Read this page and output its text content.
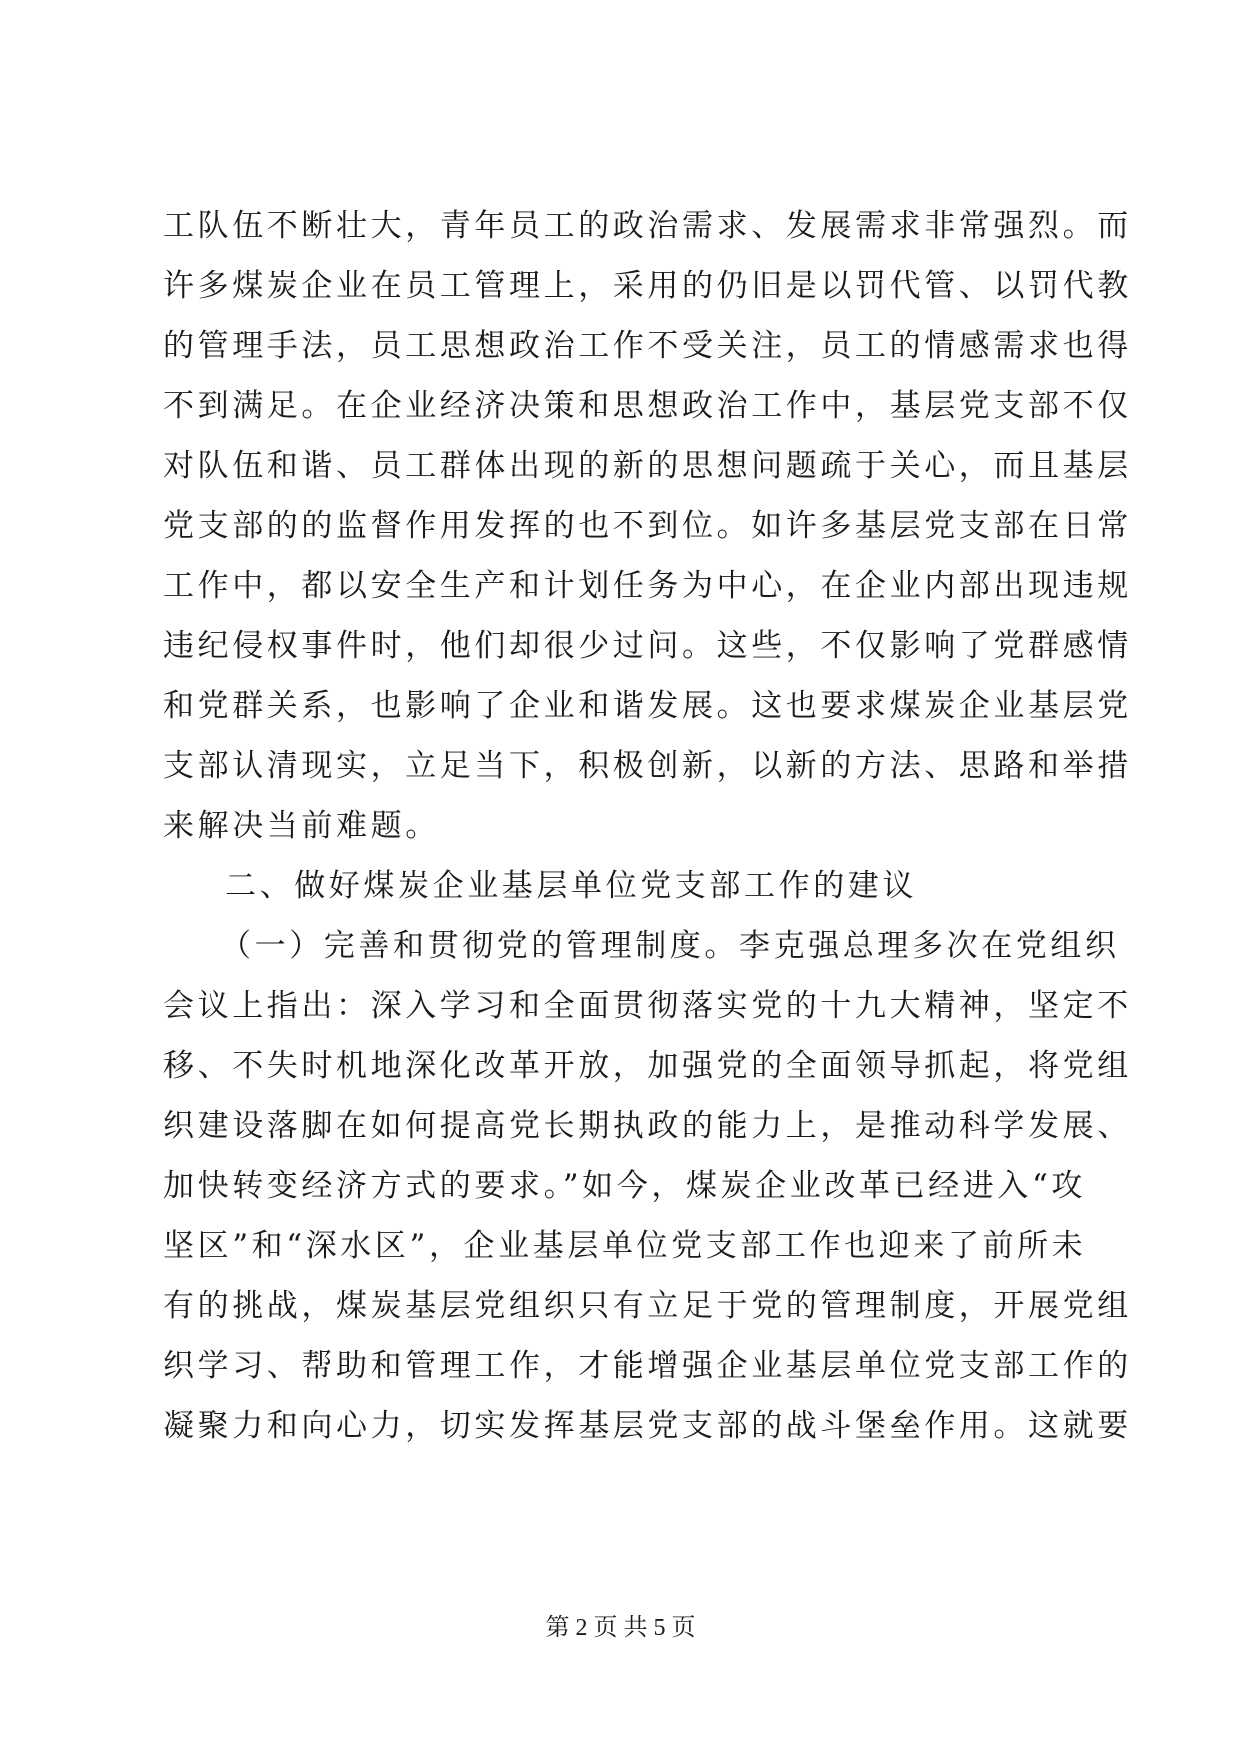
工队伍不断壮大，青年员工的政治需求、发展需求非常强烈。而
许多煤炭企业在员工管理上，采用的仍旧是以罚代管、以罚代教
的管理手法，员工思想政治工作不受关注，员工的情感需求也得
不到满足。在企业经济决策和思想政治工作中，基层党支部不仅
对队伍和谐、员工群体出现的新的思想问题疏于关心，而且基层
党支部的的监督作用发挥的也不到位。如许多基层党支部在日常
工作中，都以安全生产和计划任务为中心，在企业内部出现违规
违纪侵权事件时，他们却很少过问。这些，不仅影响了党群感情
和党群关系，也影响了企业和谐发展。这也要求煤炭企业基层党
支部认清现实，立足当下，积极创新，以新的方法、思路和举措
来解决当前难题。
二、做好煤炭企业基层单位党支部工作的建议
（一）完善和贯彻党的管理制度。李克强总理多次在党组织
会议上指出：深入学习和全面贯彻落实党的十九大精神，坚定不
移、不失时机地深化改革开放，加强党的全面领导抓起，将党组
织建设落脚在如何提高党长期执政的能力上，是推动科学发展、
加快转变经济方式的要求。”如今，煤炭企业改革已经进入“攻
坚区”和“深水区”，企业基层单位党支部工作也迎来了前所未
有的挑战，煤炭基层党组织只有立足于党的管理制度，开展党组
织学习、帮助和管理工作，才能增强企业基层单位党支部工作的
凝聚力和向心力，切实发挥基层党支部的战斗堡垒作用。这就要
第 2 页 共 5 页
